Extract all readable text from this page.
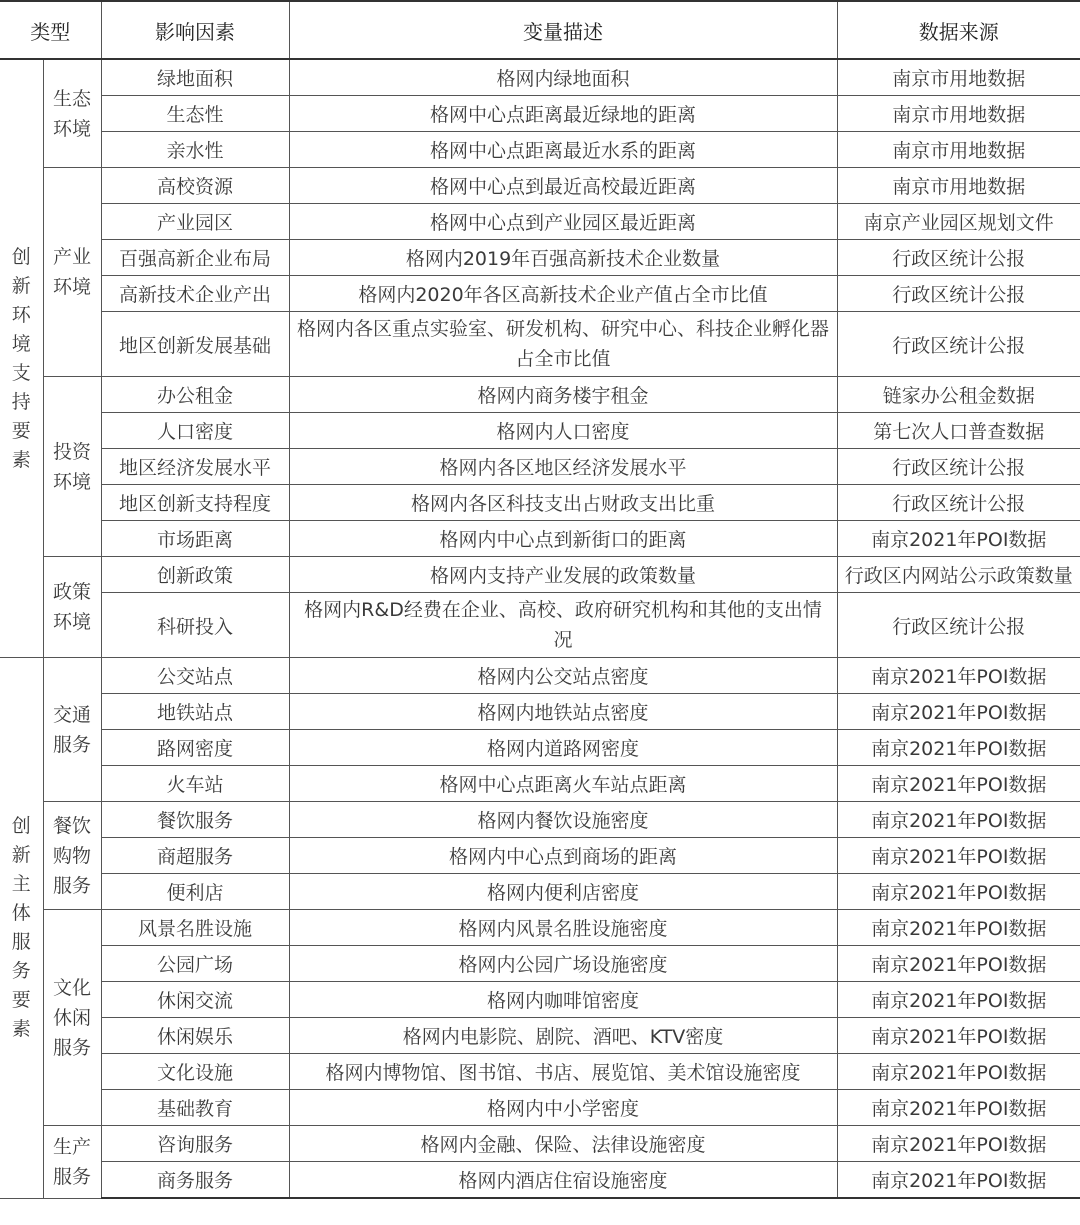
类型		影响因素	变量描述	数据来源
创新环境支持要素	生态环境	绿地面积	格网内绿地面积	南京市用地数据
		生态性	格网中心点距离最近绿地的距离	南京市用地数据
		亲水性	格网中心点距离最近水系的距离	南京市用地数据
	产业环境	高校资源	格网中心点到最近高校最近距离	南京市用地数据
		产业园区	格网中心点到产业园区最近距离	南京产业园区规划文件
		百强高新企业布局	格网内2019年百强高新技术企业数量	行政区统计公报
		高新技术企业产出	格网内2020年各区高新技术企业产值占全市比值	行政区统计公报
		地区创新发展基础	格网内各区重点实验室、研发机构、研究中心、科技企业孵化器占全市比值	行政区统计公报
	投资环境	办公租金	格网内商务楼宇租金	链家办公租金数据
		人口密度	格网内人口密度	第七次人口普查数据
		地区经济发展水平	格网内各区地区经济发展水平	行政区统计公报
		地区创新支持程度	格网内各区科技支出占财政支出比重	行政区统计公报
		市场距离	格网内中心点到新街口的距离	南京2021年POI数据
	政策环境	创新政策	格网内支持产业发展的政策数量	行政区内网站公示政策数量
		科研投入	格网内R&D经费在企业、高校、政府研究机构和其他的支出情况	行政区统计公报
创新主体服务要素	交通服务	公交站点	格网内公交站点密度	南京2021年POI数据
		地铁站点	格网内地铁站点密度	南京2021年POI数据
		路网密度	格网内道路网密度	南京2021年POI数据
		火车站	格网中心点距离火车站点距离	南京2021年POI数据
	餐饮购物服务	餐饮服务	格网内餐饮设施密度	南京2021年POI数据
		商超服务	格网内中心点到商场的距离	南京2021年POI数据
		便利店	格网内便利店密度	南京2021年POI数据
	文化休闲服务	风景名胜设施	格网内风景名胜设施密度	南京2021年POI数据
		公园广场	格网内公园广场设施密度	南京2021年POI数据
		休闲交流	格网内咖啡馆密度	南京2021年POI数据
		休闲娱乐	格网内电影院、剧院、酒吧、KTV密度	南京2021年POI数据
		文化设施	格网内博物馆、图书馆、书店、展览馆、美术馆设施密度	南京2021年POI数据
		基础教育	格网内中小学密度	南京2021年POI数据
	生产服务	咨询服务	格网内金融、保险、法律设施密度	南京2021年POI数据
		商务服务	格网内酒店住宿设施密度	南京2021年POI数据
